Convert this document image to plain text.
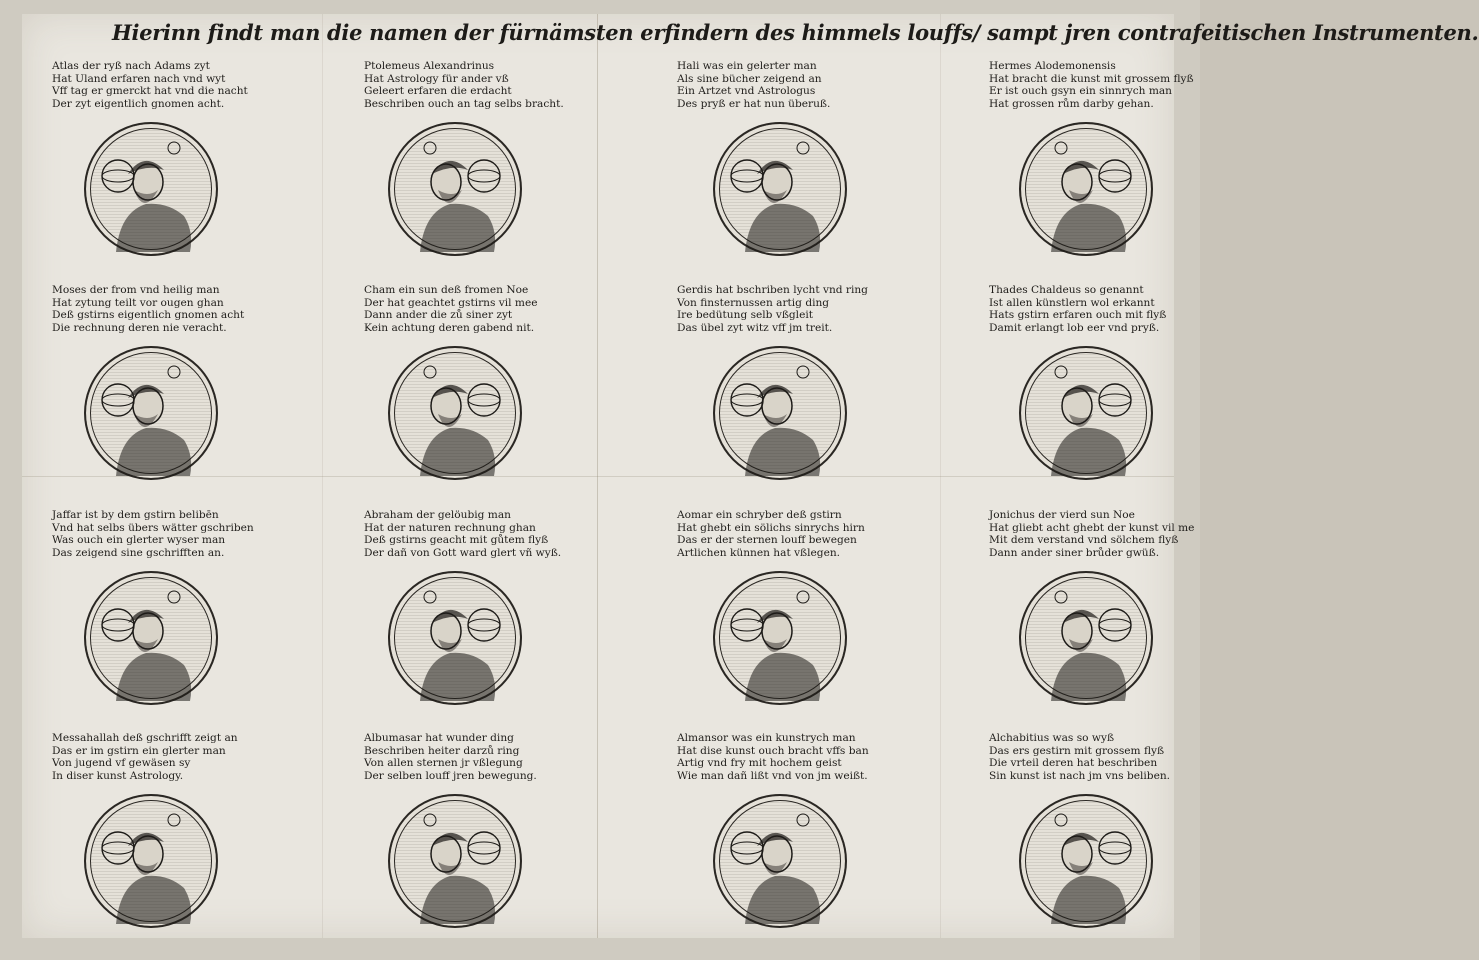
Hierinn findt man die namen der fürnämsten erfindern des himmels louffs/ sampt jren contrafeitischen Instrumenten.
Atlas der ryß nach Adams zyt
Hat Uland erfaren nach vnd wyt
Vff tag er gmerckt hat vnd die nacht
Der zyt eigentlich gnomen acht.
Ptolemeus Alexandrinus
Hat Astrology für ander vß
Geleert erfaren die erdacht
Beschriben ouch an tag selbs bracht.
Hali was ein gelerter man
Als sine bücher zeigend an
Ein Artzet vnd Astrologus
Des pryß er hat nun überuß.
Hermes Alodemonensis
Hat bracht die kunst mit grossem flyß
Er ist ouch gsyn ein sinnrych man
Hat grossen rům darby gehan.
Moses der from vnd heilig man
Hat zytung teilt vor ougen ghan
Deß gstirns eigentlich gnomen acht
Die rechnung deren nie veracht.
Cham ein sun deß fromen Noe
Der hat geachtet gstirns vil mee
Dann ander die zů siner zyt
Kein achtung deren gabend nit.
Gerdis hat bschriben lycht vnd ring
Von finsternussen artig ding
Ire bedütung selb vßgleit
Das übel zyt witz vff jm treit.
Thades Chaldeus so genannt
Ist allen künstlern wol erkannt
Hats gstirn erfaren ouch mit flyß
Damit erlangt lob eer vnd pryß.
Jaffar ist by dem gstirn belibēn
Vnd hat selbs übers wätter gschriben
Was ouch ein glerter wyser man
Das zeigend sine gschrifften an.
Abraham der gelöubig man
Hat der naturen rechnung ghan
Deß gstirns geacht mit gůtem flyß
Der dañ von Gott ward glert vñ wyß.
Aomar ein schryber deß gstirn
Hat ghebt ein sölichs sinrychs hirn
Das er der sternen louff bewegen
Artlichen künnen hat vßlegen.
Jonichus der vierd sun Noe
Hat gliebt acht ghebt der kunst vil me
Mit dem verstand vnd sölchem flyß
Dann ander siner brůder gwüß.
Messahallah deß gschrifft zeigt an
Das er im gstirn ein glerter man
Von jugend vf gewäsen sy
In diser kunst Astrology.
Albumasar hat wunder ding
Beschriben heiter darzů ring
Von allen sternen jr vßlegung
Der selben louff jren bewegung.
Almansor was ein kunstrych man
Hat dise kunst ouch bracht vffs ban
Artig vnd fry mit hochem geist
Wie man dañ lißt vnd von jm weißt.
Alchabitius was so wyß
Das ers gestirn mit grossem flyß
Die vrteil deren hat beschriben
Sin kunst ist nach jm vns beliben.
